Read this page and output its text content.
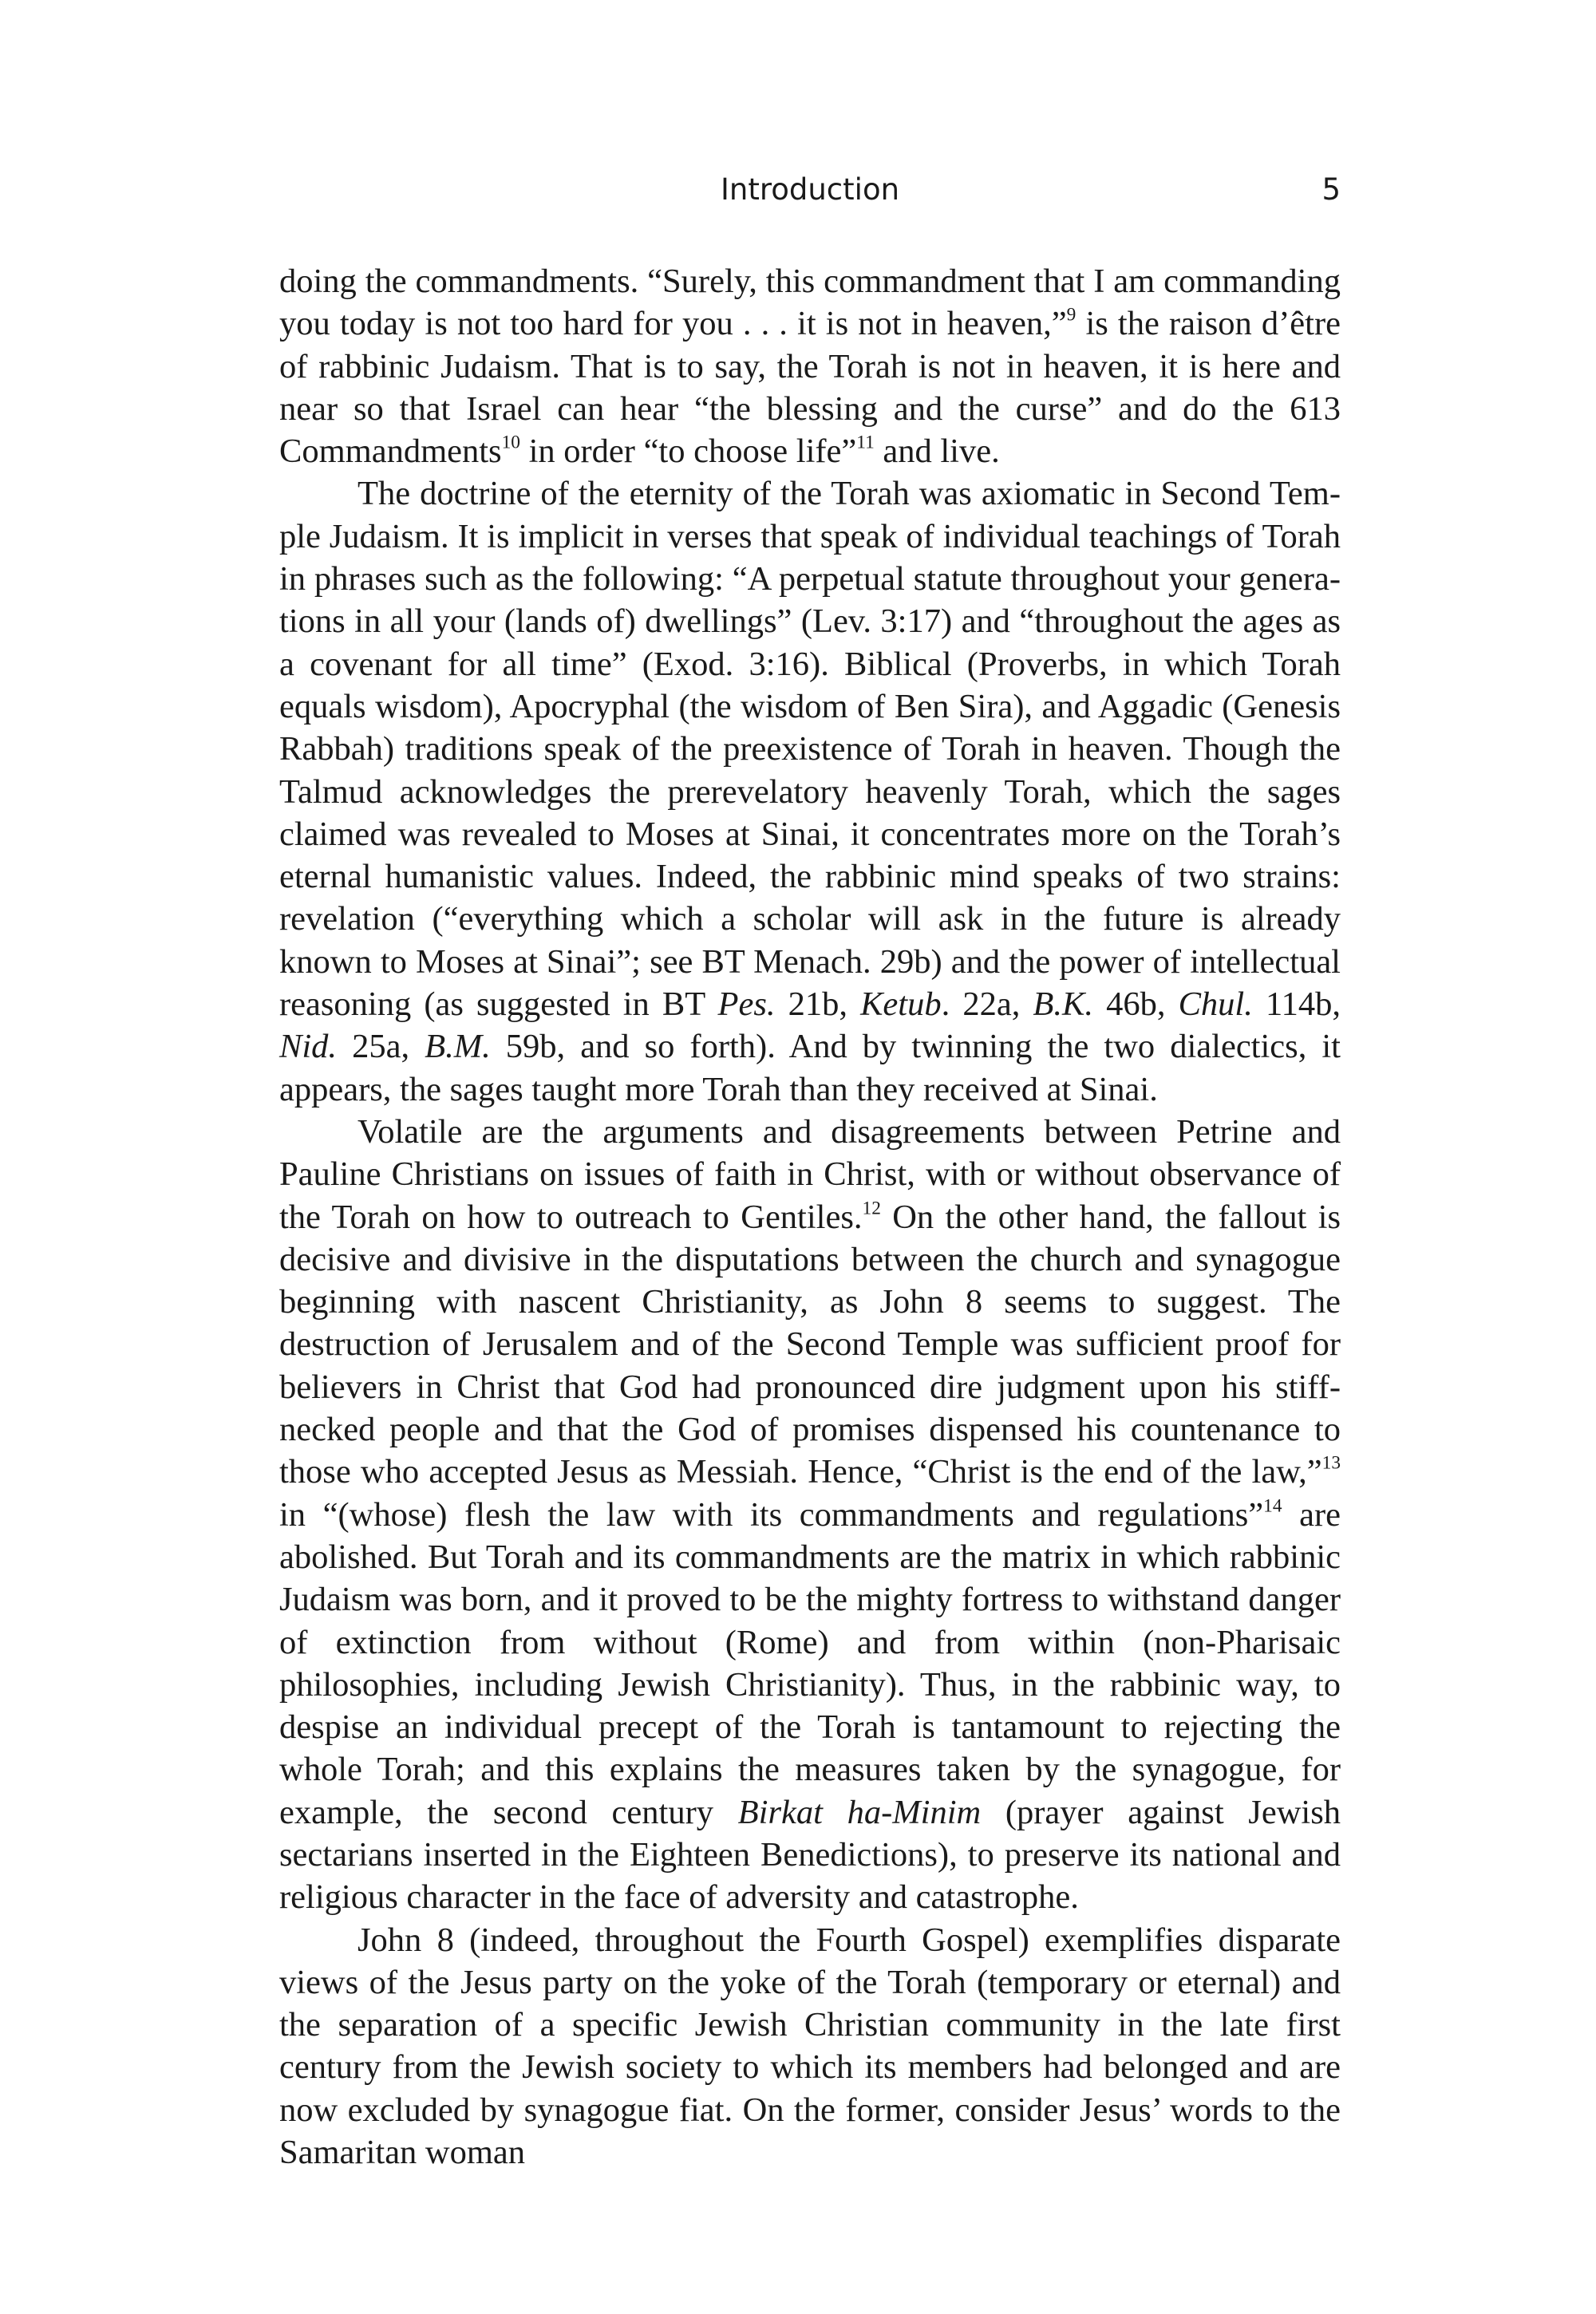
Introduction	5

doing the commandments. “Surely, this commandment that I am commanding you today is not too hard for you . . . it is not in heaven,”$^9$ is the raison d’être of rabbinic Judaism. That is to say, the Torah is not in heaven, it is here and near so that Israel can hear “the blessing and the curse” and do the 613 Commandments$^{10}$ in order “to choose life”$^{11}$ and live.

The doctrine of the eternity of the Torah was axiomatic in Second Temple Judaism. It is implicit in verses that speak of individual teachings of Torah in phrases such as the following: “A perpetual statute throughout your generations in all your (lands of) dwellings” (Lev. 3:17) and “throughout the ages as a covenant for all time” (Exod. 3:16). Biblical (Proverbs, in which Torah equals wisdom), Apocryphal (the wisdom of Ben Sira), and Aggadic (Genesis Rabbah) traditions speak of the preexistence of Torah in heaven. Though the Talmud acknowledges the prerevelatory heavenly Torah, which the sages claimed was revealed to Moses at Sinai, it concentrates more on the Torah’s eternal humanistic values. Indeed, the rabbinic mind speaks of two strains: revelation (“everything which a scholar will ask in the future is already known to Moses at Sinai”; see BT Menach. 29b) and the power of intellectual reasoning (as suggested in BT Pes. 21b, Ketub. 22a, B.K. 46b, Chul. 114b, Nid. 25a, B.M. 59b, and so forth). And by twinning the two dialectics, it appears, the sages taught more Torah than they received at Sinai.

Volatile are the arguments and disagreements between Petrine and Pauline Christians on issues of faith in Christ, with or without observance of the Torah on how to outreach to Gentiles.$^{12}$ On the other hand, the fallout is decisive and divisive in the disputations between the church and synagogue beginning with nascent Christianity, as John 8 seems to suggest. The destruction of Jerusalem and of the Second Temple was sufficient proof for believers in Christ that God had pronounced dire judgment upon his stiff-necked people and that the God of promises dispensed his countenance to those who accepted Jesus as Messiah. Hence, “Christ is the end of the law,”$^{13}$ in “(whose) flesh the law with its commandments and regulations”$^{14}$ are abolished. But Torah and its commandments are the matrix in which rabbinic Judaism was born, and it proved to be the mighty fortress to withstand danger of extinction from without (Rome) and from within (non-Pharisaic philosophies, including Jewish Christianity). Thus, in the rabbinic way, to despise an individual precept of the Torah is tantamount to rejecting the whole Torah; and this explains the measures taken by the synagogue, for example, the second century Birkat ha-Minim (prayer against Jewish sectarians inserted in the Eighteen Benedictions), to preserve its national and religious character in the face of adversity and catastrophe.

John 8 (indeed, throughout the Fourth Gospel) exemplifies disparate views of the Jesus party on the yoke of the Torah (temporary or eternal) and the separation of a specific Jewish Christian community in the late first century from the Jewish society to which its members had belonged and are now excluded by synagogue fiat. On the former, consider Jesus’ words to the Samaritan woman
